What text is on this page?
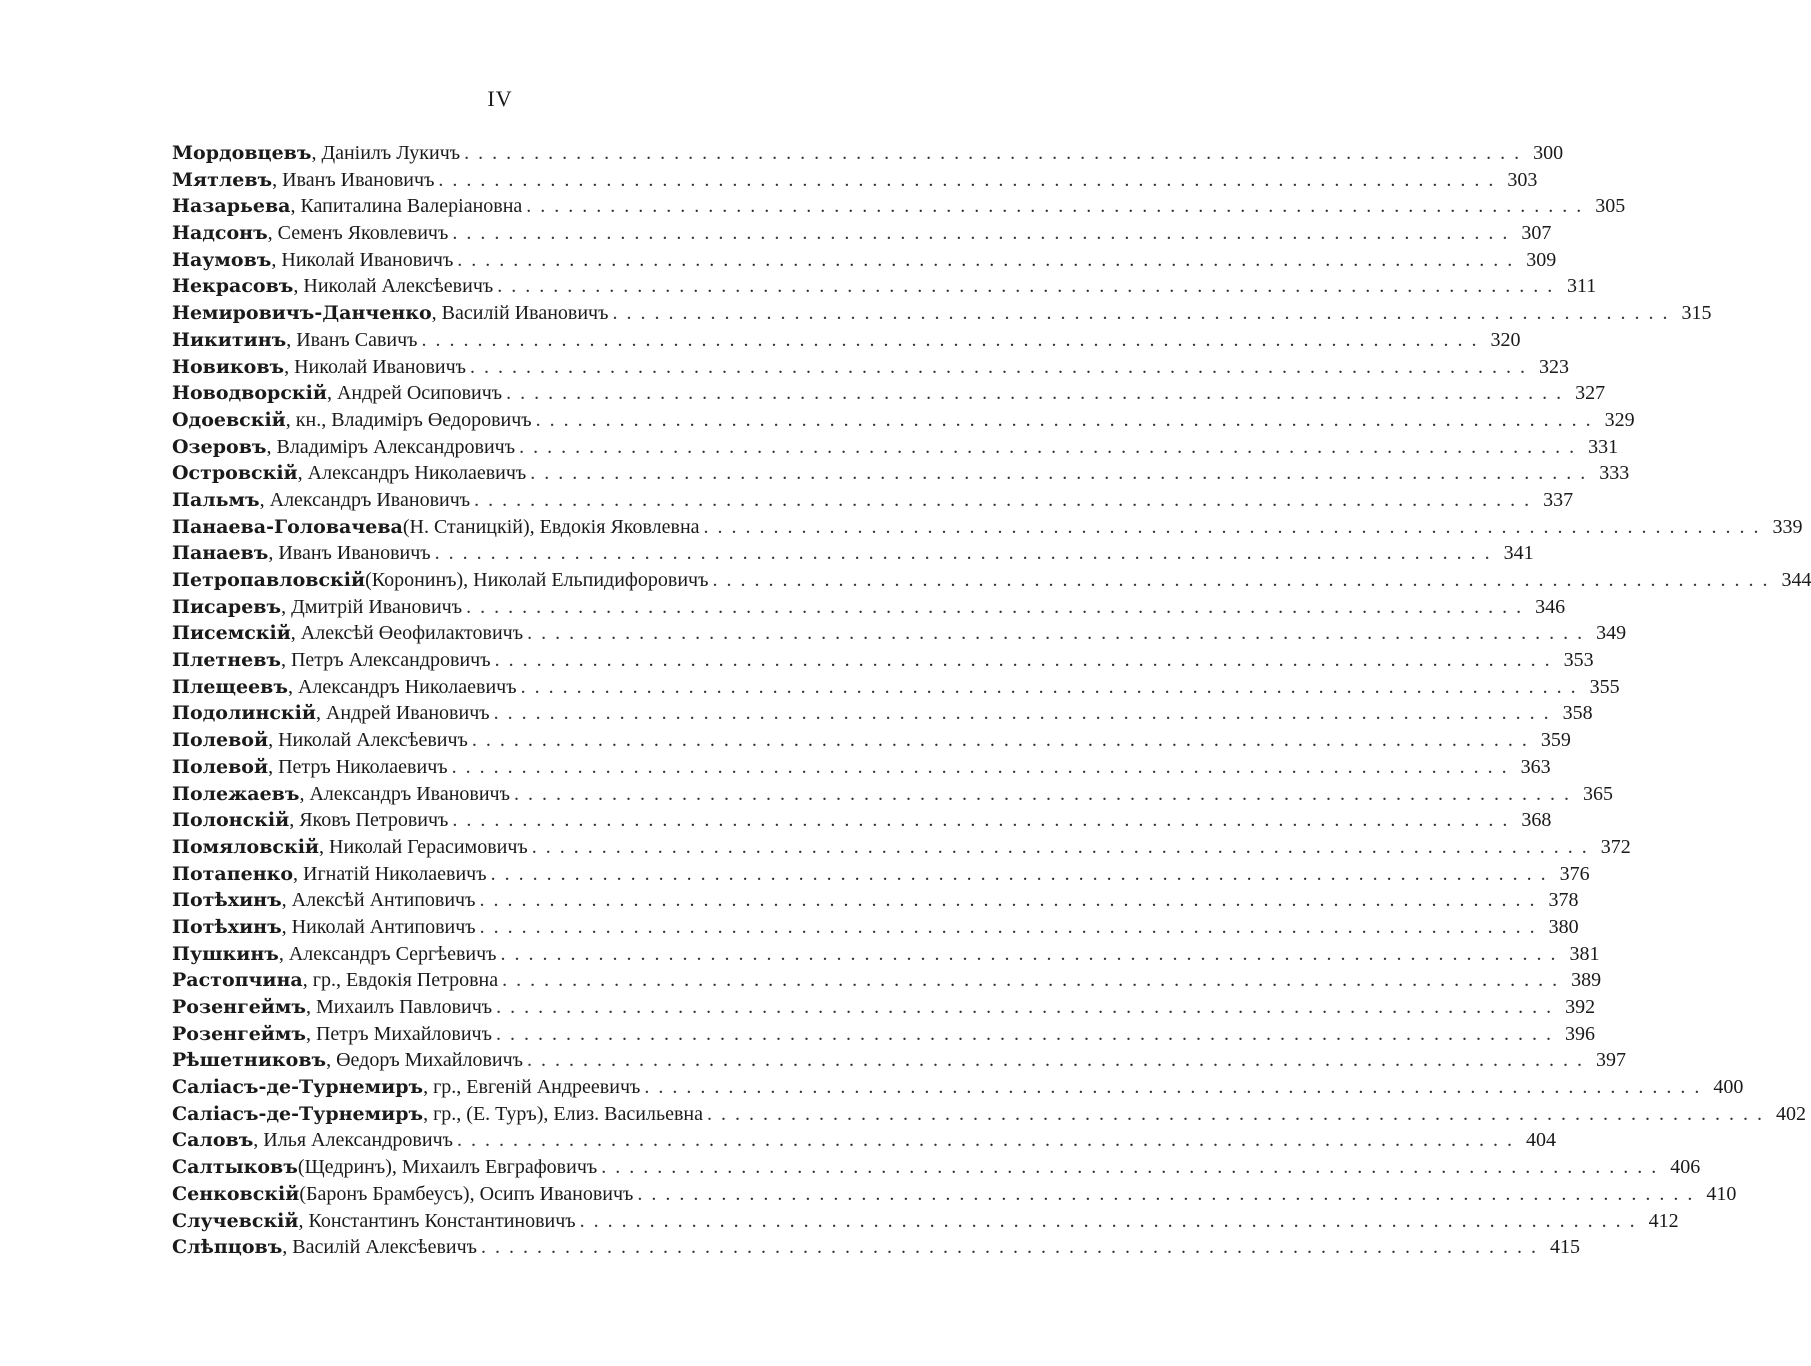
IV
Мордовцевъ , Даніилъ Лукичъ . . .	300
Мятлевъ , Иванъ Ивановичъ . . .	303
Назарьева , Капиталина Валеріановна . . .	305
Надсонъ , Семенъ Яковлевичъ . . .	307
Наумовъ , Николай Ивановичъ . . .	309
Некрасовъ , Николай Алексѣевичъ . . .	311
Немировичъ-Данченко , Василій Ивановичъ . . .	315
Никитинъ , Иванъ Савичъ . . .	320
Новиковъ , Николай Ивановичъ . . .	323
Новодворскій , Андрей Осиповичъ . . .	327
Одоевскій , кн., Владиміръ Өедоровичъ . . .	329
Озеровъ , Владиміръ Александровичъ . . .	331
Островскій , Александръ Николаевичъ . . .	333
Пальмъ , Александръ Ивановичъ . . .	337
Панаева-Головачева (Н. Станицкій), Евдокія Яковлевна . . .	339
Панаевъ , Иванъ Ивановичъ . . .	341
Петропавловскій (Коронинъ), Николай Ельпидифоровичъ . . .	344
Писаревъ , Дмитрій Ивановичъ . . .	346
Писемскій , Алексѣй Өеофилактовичъ . . .	349
Плетневъ , Петръ Александровичъ . . .	353
Плещеевъ , Александръ Николаевичъ . . .	355
Подолинскій , Андрей Ивановичъ . . .	358
Полевой , Николай Алексѣевичъ . . .	359
Полевой , Петръ Николаевичъ . . .	363
Полежаевъ , Александръ Ивановичъ . . .	365
Полонскій , Яковъ Петровичъ . . .	368
Помяловскій , Николай Герасимовичъ . . .	372
Потапенко , Игнатій Николаевичъ . . .	376
Потѣхинъ , Алексѣй Антиповичъ . . .	378
Потѣхинъ , Николай Антиповичъ . . .	380
Пушкинъ , Александръ Сергѣевичъ . . .	381
Растопчина , гр., Евдокія Петровна . . .	389
Розенгеймъ , Михаилъ Павловичъ . . .	392
Розенгеймъ , Петръ Михайловичъ . . .	396
Рѣшетниковъ , Өедоръ Михайловичъ . . .	397
Саліасъ-де-Турнемиръ , гр., Евгеній Андреевичъ . . .	400
Саліасъ-де-Турнемиръ , гр., (Е. Туръ), Елиз. Васильевна . . .	402
Саловъ , Илья Александровичъ . . .	404
Салтыковъ (Щедринъ), Михаилъ Евграфовичъ . . .	406
Сенковскій (Баронъ Брамбеусъ), Осипъ Ивановичъ . . .	410
Случевскій , Константинъ Константиновичъ . . .	412
Слѣпцовъ , Василій Алексѣевичъ . . .	415
